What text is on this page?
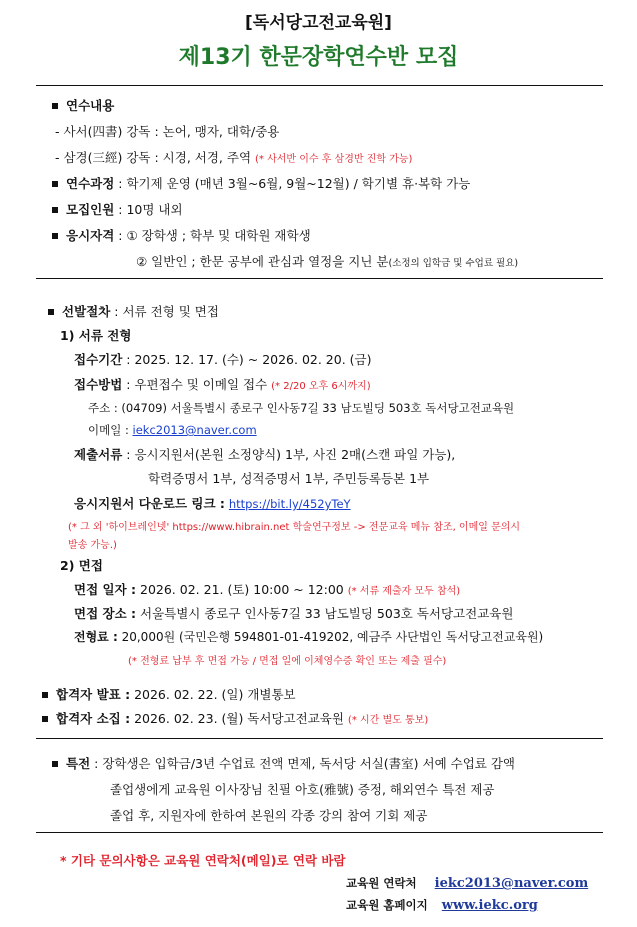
[독서당고전교육원]
제13기 한문장학연수반 모집
연수내용
- 사서(四書) 강독 : 논어, 맹자, 대학/중용
- 삼경(三經) 강독 : 시경, 서경, 주역 (* 사서반 이수 후 삼경반 진학 가능)
연수과정 : 학기제 운영 (매년 3월~6월, 9월~12월) / 학기별 휴·복학 가능
모집인원 : 10명 내외
응시자격 : ① 장학생 ; 학부 및 대학원 재학생
② 일반인 ; 한문 공부에 관심과 열정을 지닌 분(소정의 입학금 및 수업료 필요)
선발절차 : 서류 전형 및 면접
1) 서류 전형
접수기간 : 2025. 12. 17. (수) ~ 2026. 02. 20. (금)
접수방법 : 우편접수 및 이메일 접수 (* 2/20 오후 6시까지)
주소 : (04709) 서울특별시 종로구 인사동7길 33 남도빌딩 503호 독서당고전교육원
이메일 : iekc2013@naver.com
제출서류 : 응시지원서(본원 소정양식) 1부, 사진 2매(스캔 파일 가능),
학력증명서 1부, 성적증명서 1부, 주민등록등본 1부
응시지원서 다운로드 링크 : https://bit.ly/452yTeY
(* 그 외 '하이브레인넷' https://www.hibrain.net 학술연구정보 -> 전문교육 메뉴 참조, 이메일 문의시
발송 가능.)
2) 면접
면접 일자 : 2026. 02. 21. (토) 10:00 ~ 12:00 (* 서류 제출자 모두 참석)
면접 장소 : 서울특별시 종로구 인사동7길 33 남도빌딩 503호 독서당고전교육원
전형료 : 20,000원 (국민은행 594801-01-419202, 예금주 사단법인 독서당고전교육원)
(* 전형료 납부 후 면접 가능 / 면접 일에 이체영수증 확인 또는 제출 필수)
합격자 발표 : 2026. 02. 22. (일) 개별통보
합격자 소집 : 2026. 02. 23. (월) 독서당고전교육원 (* 시간 별도 통보)
특전 : 장학생은 입학금/3년 수업료 전액 면제, 독서당 서실(書室) 서예 수업료 감액
졸업생에게 교육원 이사장님 친필 아호(雅號) 증정, 해외연수 특전 제공
졸업 후, 지원자에 한하여 본원의 각종 강의 참여 기회 제공
* 기타 문의사항은 교육원 연락처(메일)로 연락 바람
교육원 연락처 iekc2013@naver.com
교육원 홈페이지 www.iekc.org
